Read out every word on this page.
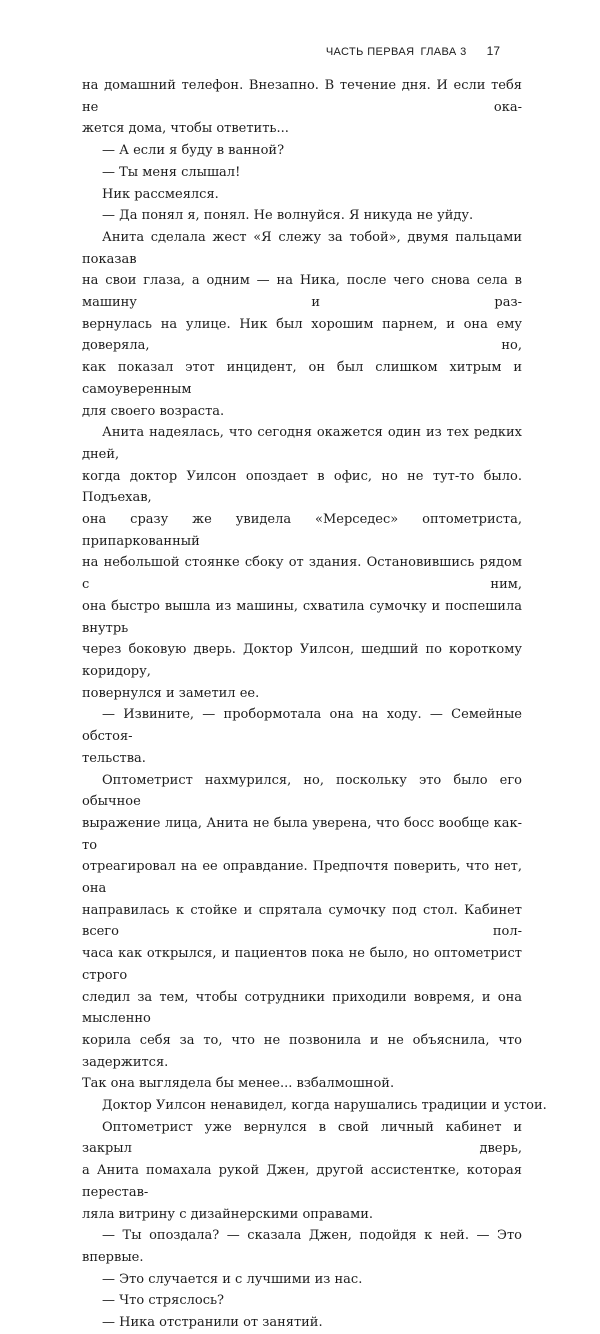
ЧАСТЬ ПЕРВАЯ ГЛАВА 3 17
на домашний телефон. Внезапно. В течение дня. И если тебя не ока-
жется дома, чтобы ответить...
— А если я буду в ванной?
— Ты меня слышал!
Ник рассмеялся.
— Да понял я, понял. Не волнуйся. Я никуда не уйду.
Анита сделала жест «Я слежу за тобой», двумя пальцами показав
на свои глаза, а одним — на Ника, после чего снова села в машину и раз-
вернулась на улице. Ник был хорошим парнем, и она ему доверяла, но,
как показал этот инцидент, он был слишком хитрым и самоуверенным
для своего возраста.
Анита надеялась, что сегодня окажется один из тех редких дней,
когда доктор Уилсон опоздает в офис, но не тут-то было. Подъехав,
она сразу же увидела «Мерседес» оптометриста, припаркованный
на небольшой стоянке сбоку от здания. Остановившись рядом с ним,
она быстро вышла из машины, схватила сумочку и поспешила внутрь
через боковую дверь. Доктор Уилсон, шедший по короткому коридору,
повернулся и заметил ее.
— Извините, — пробормотала она на ходу. — Семейные обстоя-
тельства.
Оптометрист нахмурился, но, поскольку это было его обычное
выражение лица, Анита не была уверена, что босс вообще как-то
отреагировал на ее оправдание. Предпочтя поверить, что нет, она
направилась к стойке и спрятала сумочку под стол. Кабинет всего пол-
часа как открылся, и пациентов пока не было, но оптометрист строго
следил за тем, чтобы сотрудники приходили вовремя, и она мысленно
корила себя за то, что не позвонила и не объяснила, что задержится.
Так она выглядела бы менее... взбалмошной.
Доктор Уилсон ненавидел, когда нарушались традиции и устои.
Оптометрист уже вернулся в свой личный кабинет и закрыл дверь,
а Анита помахала рукой Джен, другой ассистентке, которая перестав-
ляла витрину с дизайнерскими оправами.
— Ты опоздала? — сказала Джен, подойдя к ней. — Это впервые.
— Это случается и с лучшими из нас.
— Что стряслось?
— Ника отстранили от занятий.
